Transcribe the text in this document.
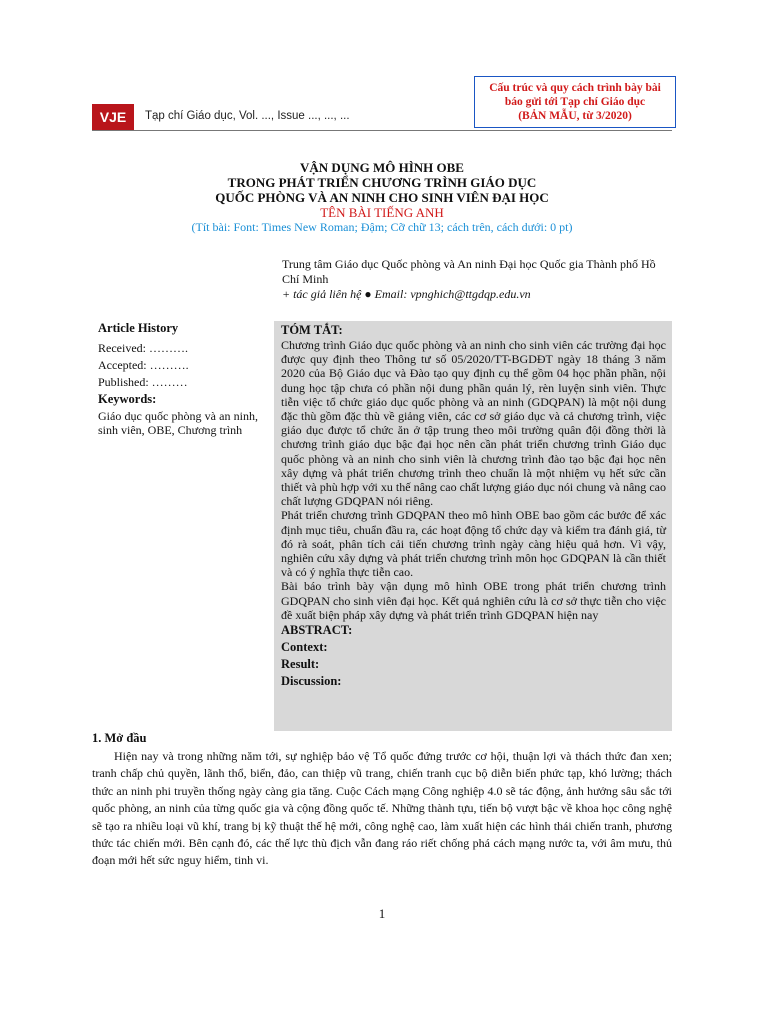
Cấu trúc và quy cách trình bày bài
báo gửi tới Tạp chí Giáo dục
(BẢN MẪU, từ 3/2020)
VJE	Tạp chí Giáo dục, Vol. ..., Issue ..., ..., ...
VẬN DỤNG MÔ HÌNH OBE
TRONG PHÁT TRIỂN CHƯƠNG TRÌNH GIÁO DỤC
QUỐC PHÒNG VÀ AN NINH CHO SINH VIÊN ĐẠI HỌC
TÊN BÀI TIẾNG ANH
(Tít bài: Font: Times New Roman; Đậm; Cỡ chữ 13; cách trên, cách dưới: 0 pt)
Trung tâm Giáo dục Quốc phòng và An ninh Đại học Quốc gia Thành phố Hồ Chí Minh
+ tác giả liên hệ ● Email: vpnghich@ttgdqp.edu.vn
Article History
Received: ……….
Accepted: ……….
Published: ………
Keywords:
Giáo dục quốc phòng và an ninh, sinh viên, OBE, Chương trình
TÓM TẮT:

Chương trình Giáo dục quốc phòng và an ninh cho sinh viên các trường đại học được quy định theo Thông tư số 05/2020/TT-BGDĐT ngày 18 tháng 3 năm 2020 của Bộ Giáo dục và Đào tạo quy định cụ thể gồm 04 học phần phần, nội dung học tập chưa có phần nội dung phần quản lý, rèn luyện sinh viên. Thực tiễn việc tổ chức giáo dục quốc phòng và an ninh (GDQPAN) là một nội dung đặc thù gồm đặc thù về giảng viên, các cơ sở giáo dục và cả chương trình, việc giáo dục được tổ chức ăn ở tập trung theo môi trường quân đội đồng thời là chương trình giáo dục bậc đại học nên cần phát triển chương trình Giáo dục quốc phòng và an ninh cho sinh viên là chương trình đào tạo bậc đại học nên xây dựng và phát triển chương trình theo chuẩn là một nhiệm vụ hết sức cần thiết và phù hợp với xu thế nâng cao chất lượng giáo dục nói chung và nâng cao chất lượng GDQPAN nói riêng.

Phát triển chương trình GDQPAN theo mô hình OBE bao gồm các bước để xác định mục tiêu, chuẩn đầu ra, các hoạt động tổ chức dạy và kiểm tra đánh giá, từ đó rà soát, phân tích cải tiến chương trình ngày càng hiệu quả hơn. Vì vậy, nghiên cứu xây dựng và phát triển chương trình môn học GDQPAN là cần thiết và có ý nghĩa thực tiễn cao.

Bài báo trình bày vận dụng mô hình OBE trong phát triển chương trình GDQPAN cho sinh viên đại học. Kết quả nghiên cứu là cơ sở thực tiễn cho việc đề xuất biện pháp xây dựng và phát triển trình GDQPAN hiện nay

ABSTRACT:
Context:
Result:
Discussion:
1. Mở đầu

Hiện nay và trong những năm tới, sự nghiệp bảo vệ Tổ quốc đứng trước cơ hội, thuận lợi và thách thức đan xen; tranh chấp chủ quyền, lãnh thổ, biển, đảo, can thiệp vũ trang, chiến tranh cục bộ diễn biến phức tạp, khó lường; thách thức an ninh phi truyền thống ngày càng gia tăng. Cuộc Cách mạng Công nghiệp 4.0 sẽ tác động, ảnh hưởng sâu sắc tới quốc phòng, an ninh của từng quốc gia và cộng đồng quốc tế. Những thành tựu, tiến bộ vượt bậc về khoa học công nghệ sẽ tạo ra nhiều loại vũ khí, trang bị kỹ thuật thế hệ mới, công nghệ cao, làm xuất hiện các hình thái chiến tranh, phương thức tác chiến mới. Bên cạnh đó, các thế lực thù địch vẫn đang ráo riết chống phá cách mạng nước ta, với âm mưu, thủ đoạn mới hết sức nguy hiểm, tinh vi.

1
